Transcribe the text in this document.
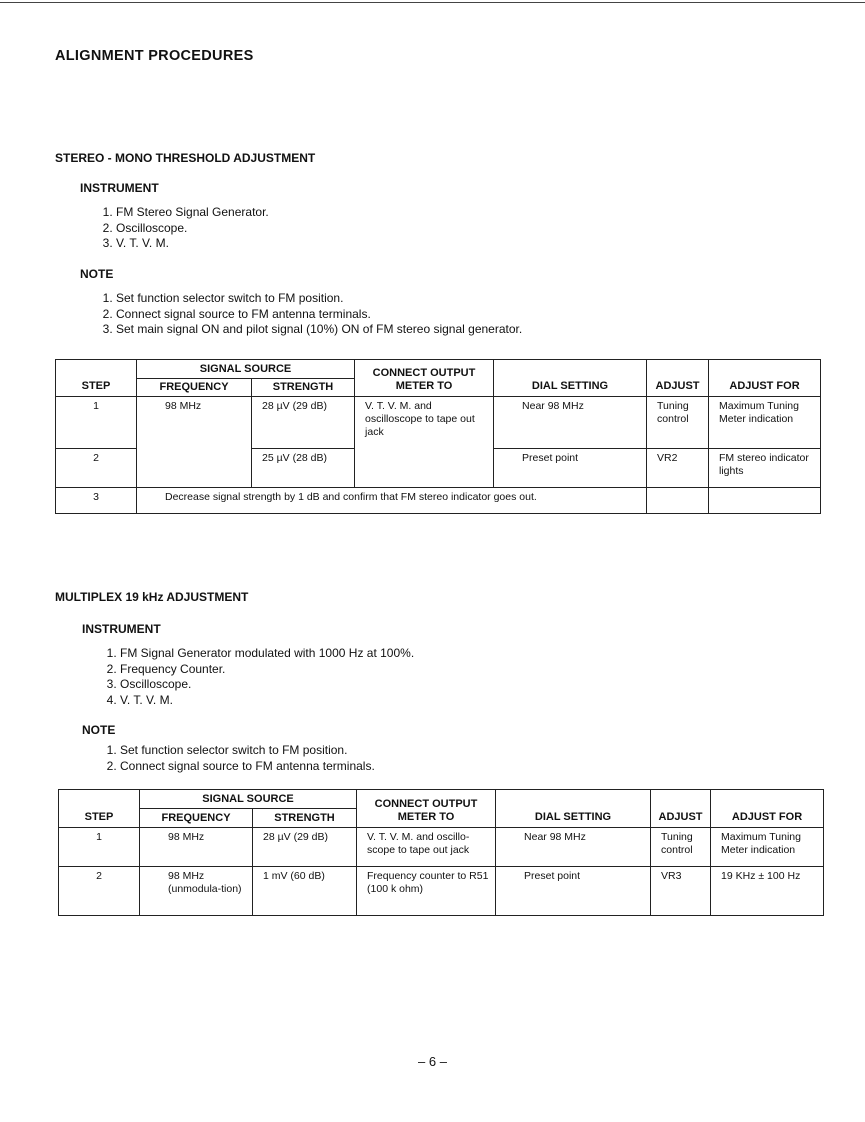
ALIGNMENT PROCEDURES
STEREO - MONO THRESHOLD ADJUSTMENT
INSTRUMENT
1. FM Stereo Signal Generator.
2. Oscilloscope.
3. V. T. V. M.
NOTE
1. Set function selector switch to FM position.
2. Connect signal source to FM antenna terminals.
3. Set main signal ON and pilot signal (10%) ON of FM stereo signal generator.
STEP	SIGNAL SOURCE		CONNECT OUTPUT METER TO	DIAL SETTING	ADJUST	ADJUST FOR
	FREQUENCY	STRENGTH				
1	98 MHz	28 µV (29 dB)	V. T. V. M. and oscilloscope to tape out jack	Near 98 MHz	Tuning control	Maximum Tuning Meter indication
2		25 µV (28 dB)		Preset point	VR2	FM stereo indicator lights
3	Decrease signal strength by 1 dB and confirm that FM stereo indicator goes out.					
MULTIPLEX 19 kHz ADJUSTMENT
INSTRUMENT
1. FM Signal Generator modulated with 1000 Hz at 100%.
2. Frequency Counter.
3. Oscilloscope.
4. V. T. V. M.
NOTE
1. Set function selector switch to FM position.
2. Connect signal source to FM antenna terminals.
STEP	SIGNAL SOURCE		CONNECT OUTPUT METER TO	DIAL SETTING	ADJUST	ADJUST FOR
	FREQUENCY	STRENGTH				
1	98 MHz	28 µV (29 dB)	V. T. V. M. and oscillo-scope to tape out jack	Near 98 MHz	Tuning control	Maximum Tuning Meter indication
2	98 MHz (unmodula-tion)	1 mV (60 dB)	Frequency counter to R51 (100 k ohm)	Preset point	VR3	19 KHz ± 100 Hz
– 6 –
